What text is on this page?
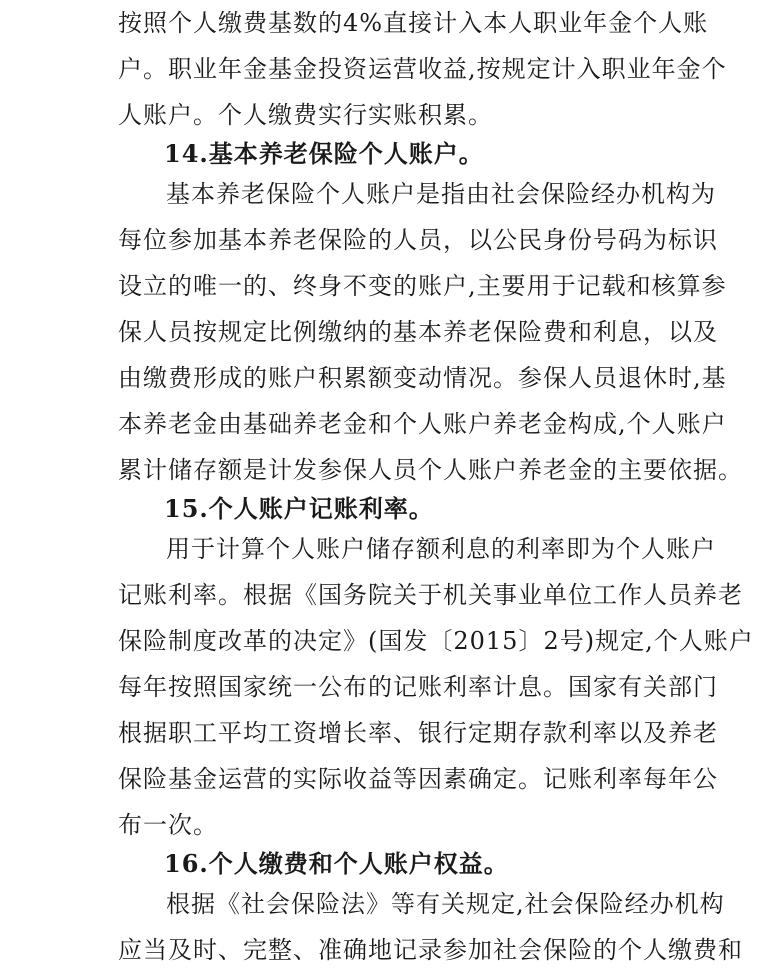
按照个人缴费基数的4%直接计入本人职业年金个人账
户。职业年金基金投资运营收益,按规定计入职业年金个
人账户。个人缴费实行实账积累。
14.基本养老保险个人账户。
基本养老保险个人账户是指由社会保险经办机构为
每位参加基本养老保险的人员，以公民身份号码为标识
设立的唯一的、终身不变的账户,主要用于记载和核算参
保人员按规定比例缴纳的基本养老保险费和利息，以及
由缴费形成的账户积累额变动情况。参保人员退休时,基
本养老金由基础养老金和个人账户养老金构成,个人账户
累计储存额是计发参保人员个人账户养老金的主要依据。
15.个人账户记账利率。
用于计算个人账户储存额利息的利率即为个人账户
记账利率。根据《国务院关于机关事业单位工作人员养老
保险制度改革的决定》(国发〔2015〕2号)规定,个人账户
每年按照国家统一公布的记账利率计息。国家有关部门
根据职工平均工资增长率、银行定期存款利率以及养老
保险基金运营的实际收益等因素确定。记账利率每年公
布一次。
16.个人缴费和个人账户权益。
根据《社会保险法》等有关规定,社会保险经办机构
应当及时、完整、准确地记录参加社会保险的个人缴费和
